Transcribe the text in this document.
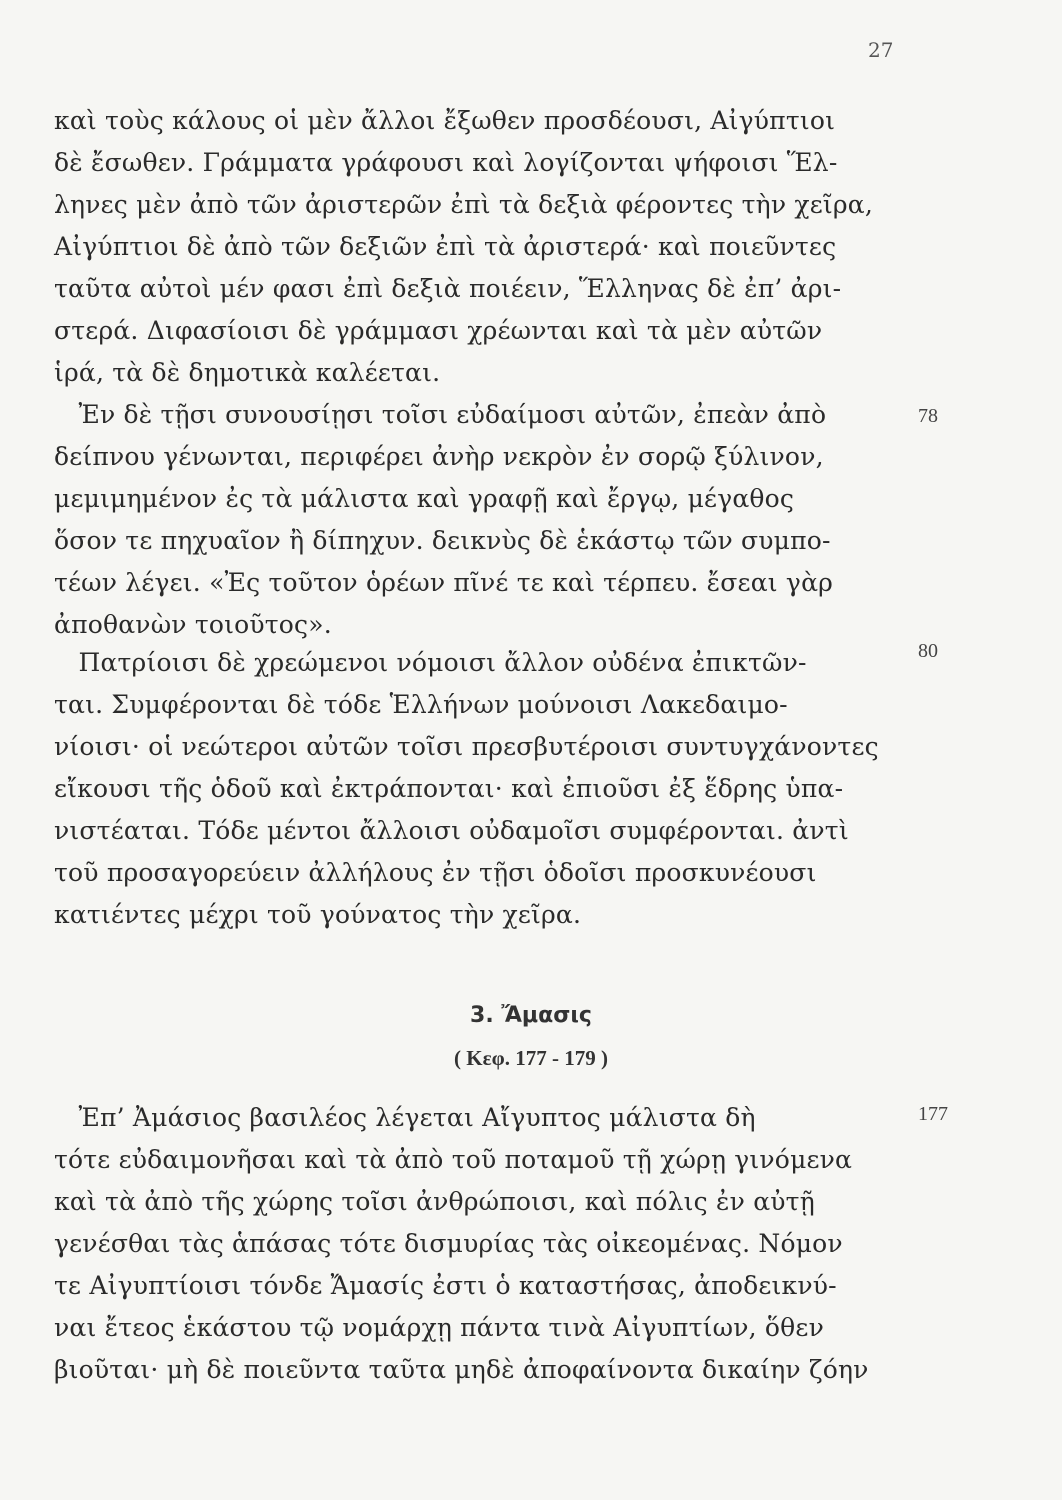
27
καὶ τοὺς κάλους οἱ μὲν ἄλλοι ἔξωθεν προσδέουσι, Αἰγύπτιοι
δὲ ἔσωθεν. Γράμματα γράφουσι καὶ λογίζονται ψήφοισι Ἕλ-
ληνες μὲν ἀπὸ τῶν ἀριστερῶν ἐπὶ τὰ δεξιὰ φέροντες τὴν χεῖρα,
Αἰγύπτιοι δὲ ἀπὸ τῶν δεξιῶν ἐπὶ τὰ ἀριστερά· καὶ ποιεῦντες
ταῦτα αὐτοὶ μέν φασι ἐπὶ δεξιὰ ποιέειν, Ἕλληνας δὲ ἐπ’ ἀρι-
στερά. Διφασίοισι δὲ γράμμασι χρέωνται καὶ τὰ μὲν αὐτῶν
ἱρά, τὰ δὲ δημοτικὰ καλέεται.
78
Ἐν δὲ τῇσι συνουσίῃσι τοῖσι εὐδαίμοσι αὐτῶν, ἐπεὰν ἀπὸ
δείπνου γένωνται, περιφέρει ἀνὴρ νεκρὸν ἐν σορῷ ξύλινον,
μεμιμημένον ἐς τὰ μάλιστα καὶ γραφῇ καὶ ἔργῳ, μέγαθος
ὅσον τε πηχυαῖον ἢ δίπηχυν. δεικνὺς δὲ ἑκάστῳ τῶν συμπο-
τέων λέγει. «Ἐς τοῦτον ὁρέων πῖνέ τε καὶ τέρπευ. ἔσεαι γὰρ
ἀποθανὼν τοιοῦτος».
80
Πατρίοισι δὲ χρεώμενοι νόμοισι ἄλλον οὐδένα ἐπικτῶν-
ται. Συμφέρονται δὲ τόδε Ἑλλήνων μούνοισι Λακεδαιμο-
νίοισι· οἱ νεώτεροι αὐτῶν τοῖσι πρεσβυτέροισι συντυγχάνοντες
εἴκουσι τῆς ὁδοῦ καὶ ἐκτράπονται· καὶ ἐπιοῦσι ἐξ ἕδρης ὑπα-
νιστέαται. Τόδε μέντοι ἄλλοισι οὐδαμοῖσι συμφέρονται. ἀντὶ
τοῦ προσαγορεύειν ἀλλήλους ἐν τῇσι ὁδοῖσι προσκυνέουσι
κατιέντες μέχρι τοῦ γούνατος τὴν χεῖρα.
3. Ἄμασις
( Κεφ. 177 - 179 )
177
Ἐπ’ Ἀμάσιος βασιλέος λέγεται Αἴγυπτος μάλιστα δὴ
τότε εὐδαιμονῆσαι καὶ τὰ ἀπὸ τοῦ ποταμοῦ τῇ χώρῃ γινόμενα
καὶ τὰ ἀπὸ τῆς χώρης τοῖσι ἀνθρώποισι, καὶ πόλις ἐν αὐτῇ
γενέσθαι τὰς ἁπάσας τότε δισμυρίας τὰς οἰκεομένας. Νόμον
τε Αἰγυπτίοισι τόνδε Ἄμασίς ἐστι ὁ καταστήσας, ἀποδεικνύ-
ναι ἔτεος ἑκάστου τῷ νομάρχῃ πάντα τινὰ Αἰγυπτίων, ὅθεν
βιοῦται· μὴ δὲ ποιεῦντα ταῦτα μηδὲ ἀποφαίνοντα δικαίην ζόην
